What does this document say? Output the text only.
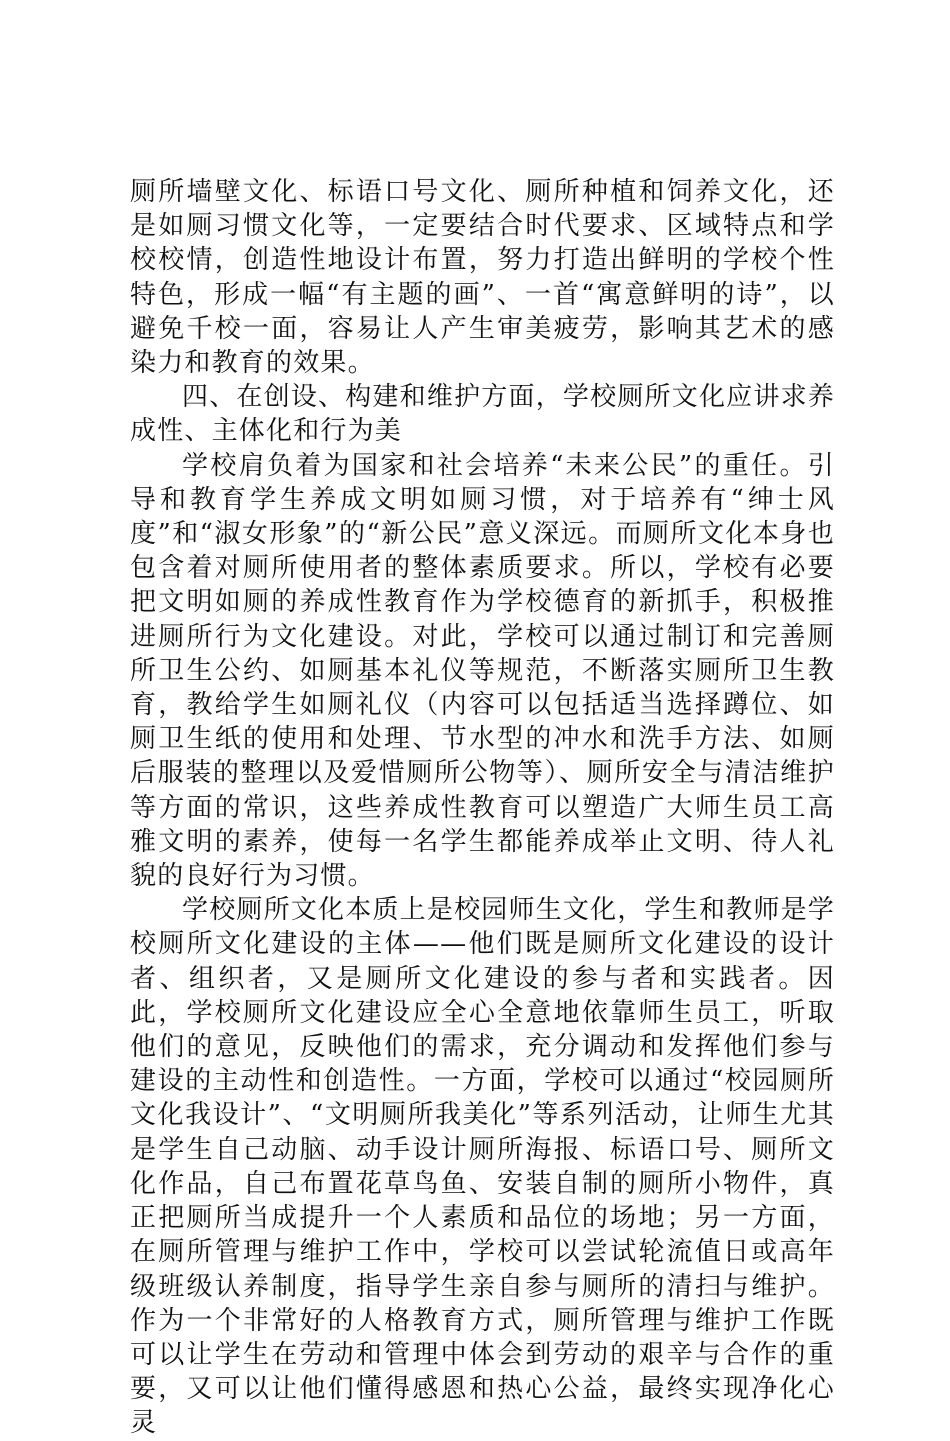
厕所墙壁文化、标语口号文化、厕所种植和饲养文化，还是如厕习惯文化等，一定要结合时代要求、区域特点和学校校情，创造性地设计布置，努力打造出鲜明的学校个性特色，形成一幅“有主题的画”、一首“寓意鲜明的诗”，以避免千校一面，容易让人产生审美疲劳，影响其艺术的感染力和教育的效果。

四、在创设、构建和维护方面，学校厕所文化应讲求养成性、主体化和行为美

学校肩负着为国家和社会培养“未来公民”的重任。引导和教育学生养成文明如厕习惯，对于培养有“绅士风度”和“淑女形象”的“新公民”意义深远。而厕所文化本身也包含着对厕所使用者的整体素质要求。所以，学校有必要把文明如厕的养成性教育作为学校德育的新抓手，积极推进厕所行为文化建设。对此，学校可以通过制订和完善厕所卫生公约、如厕基本礼仪等规范，不断落实厕所卫生教育，教给学生如厕礼仪（内容可以包括适当选择蹲位、如厕卫生纸的使用和处理、节水型的冲水和洗手方法、如厕后服装的整理以及爱惜厕所公物等）、厕所安全与清洁维护等方面的常识，这些养成性教育可以塑造广大师生员工高雅文明的素养，使每一名学生都能养成举止文明、待人礼貌的良好行为习惯。

学校厕所文化本质上是校园师生文化，学生和教师是学校厕所文化建设的主体——他们既是厕所文化建设的设计者、组织者，又是厕所文化建设的参与者和实践者。因此，学校厕所文化建设应全心全意地依靠师生员工，听取他们的意见，反映他们的需求，充分调动和发挥他们参与建设的主动性和创造性。一方面，学校可以通过“校园厕所文化我设计”、“文明厕所我美化”等系列活动，让师生尤其是学生自己动脑、动手设计厕所海报、标语口号、厕所文化作品，自己布置花草鸟鱼、安装自制的厕所小物件，真正把厕所当成提升一个人素质和品位的场地；另一方面，在厕所管理与维护工作中，学校可以尝试轮流值日或高年级班级认养制度，指导学生亲自参与厕所的清扫与维护。作为一个非常好的人格教育方式，厕所管理与维护工作既可以让学生在劳动和管理中体会到劳动的艰辛与合作的重要，又可以让他们懂得感恩和热心公益，最终实现净化心灵
